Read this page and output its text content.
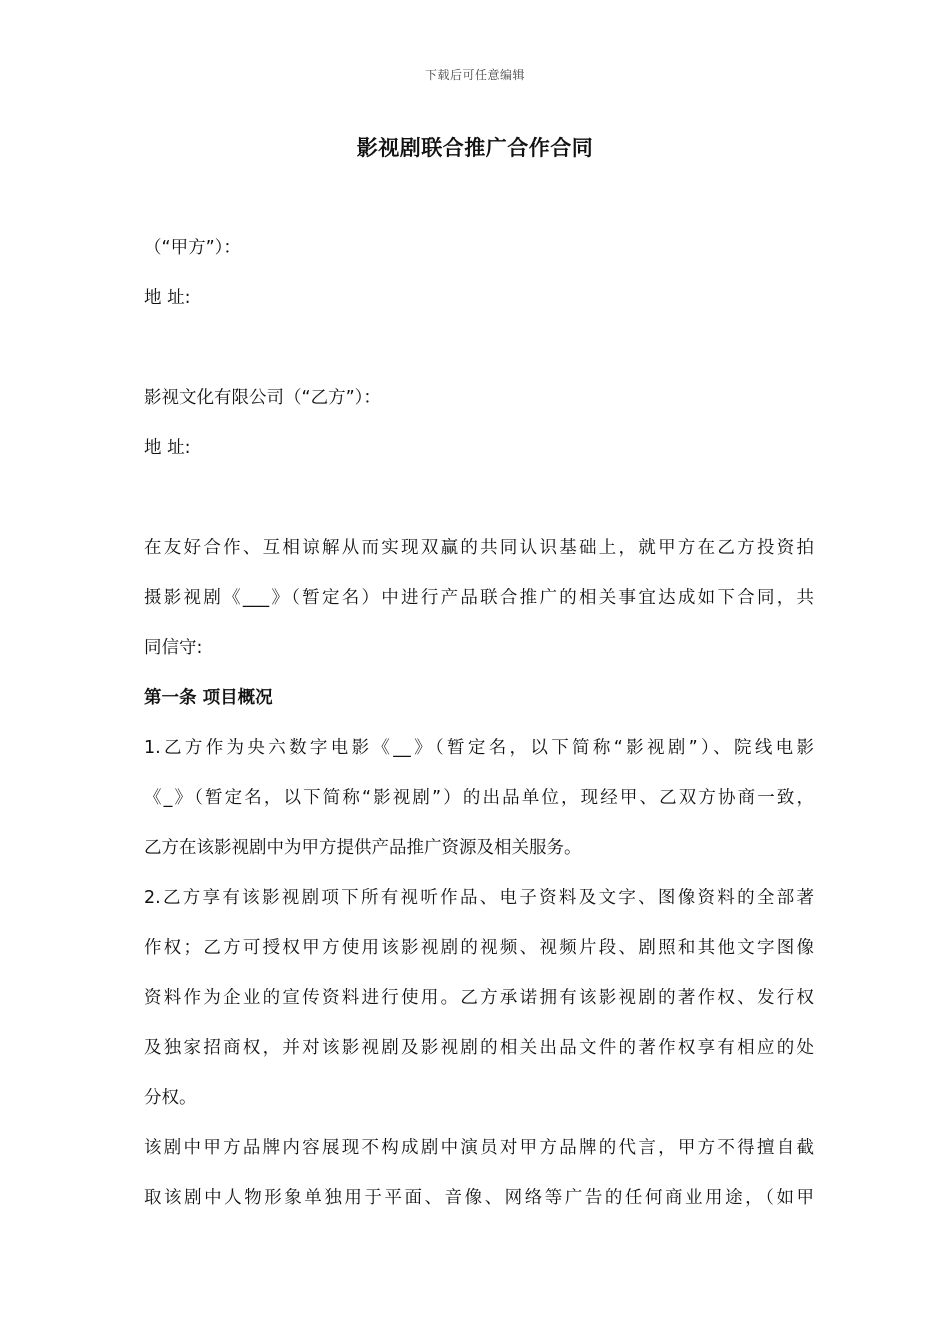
下载后可任意编辑
影视剧联合推广合作合同
（“甲方”）：
地 址:
影视文化有限公司（“乙方”）：
地 址:
在友好合作、互相谅解从而实现双赢的共同认识基础上，就甲方在乙方投资拍
摄影视剧《___》（暂定名）中进行产品联合推广的相关事宜达成如下合同，共
同信守:
第一条 项目概况
1.乙方作为央六数字电影《__》（暂定名，以下简称“影视剧”）、院线电影
《_》（暂定名，以下简称“影视剧”）的出品单位，现经甲、乙双方协商一致，
乙方在该影视剧中为甲方提供产品推广资源及相关服务。
2.乙方享有该影视剧项下所有视听作品、电子资料及文字、图像资料的全部著
作权；乙方可授权甲方使用该影视剧的视频、视频片段、剧照和其他文字图像
资料作为企业的宣传资料进行使用。乙方承诺拥有该影视剧的著作权、发行权
及独家招商权，并对该影视剧及影视剧的相关出品文件的著作权享有相应的处
分权。
该剧中甲方品牌内容展现不构成剧中演员对甲方品牌的代言，甲方不得擅自截
取该剧中人物形象单独用于平面、音像、网络等广告的任何商业用途，（如甲
